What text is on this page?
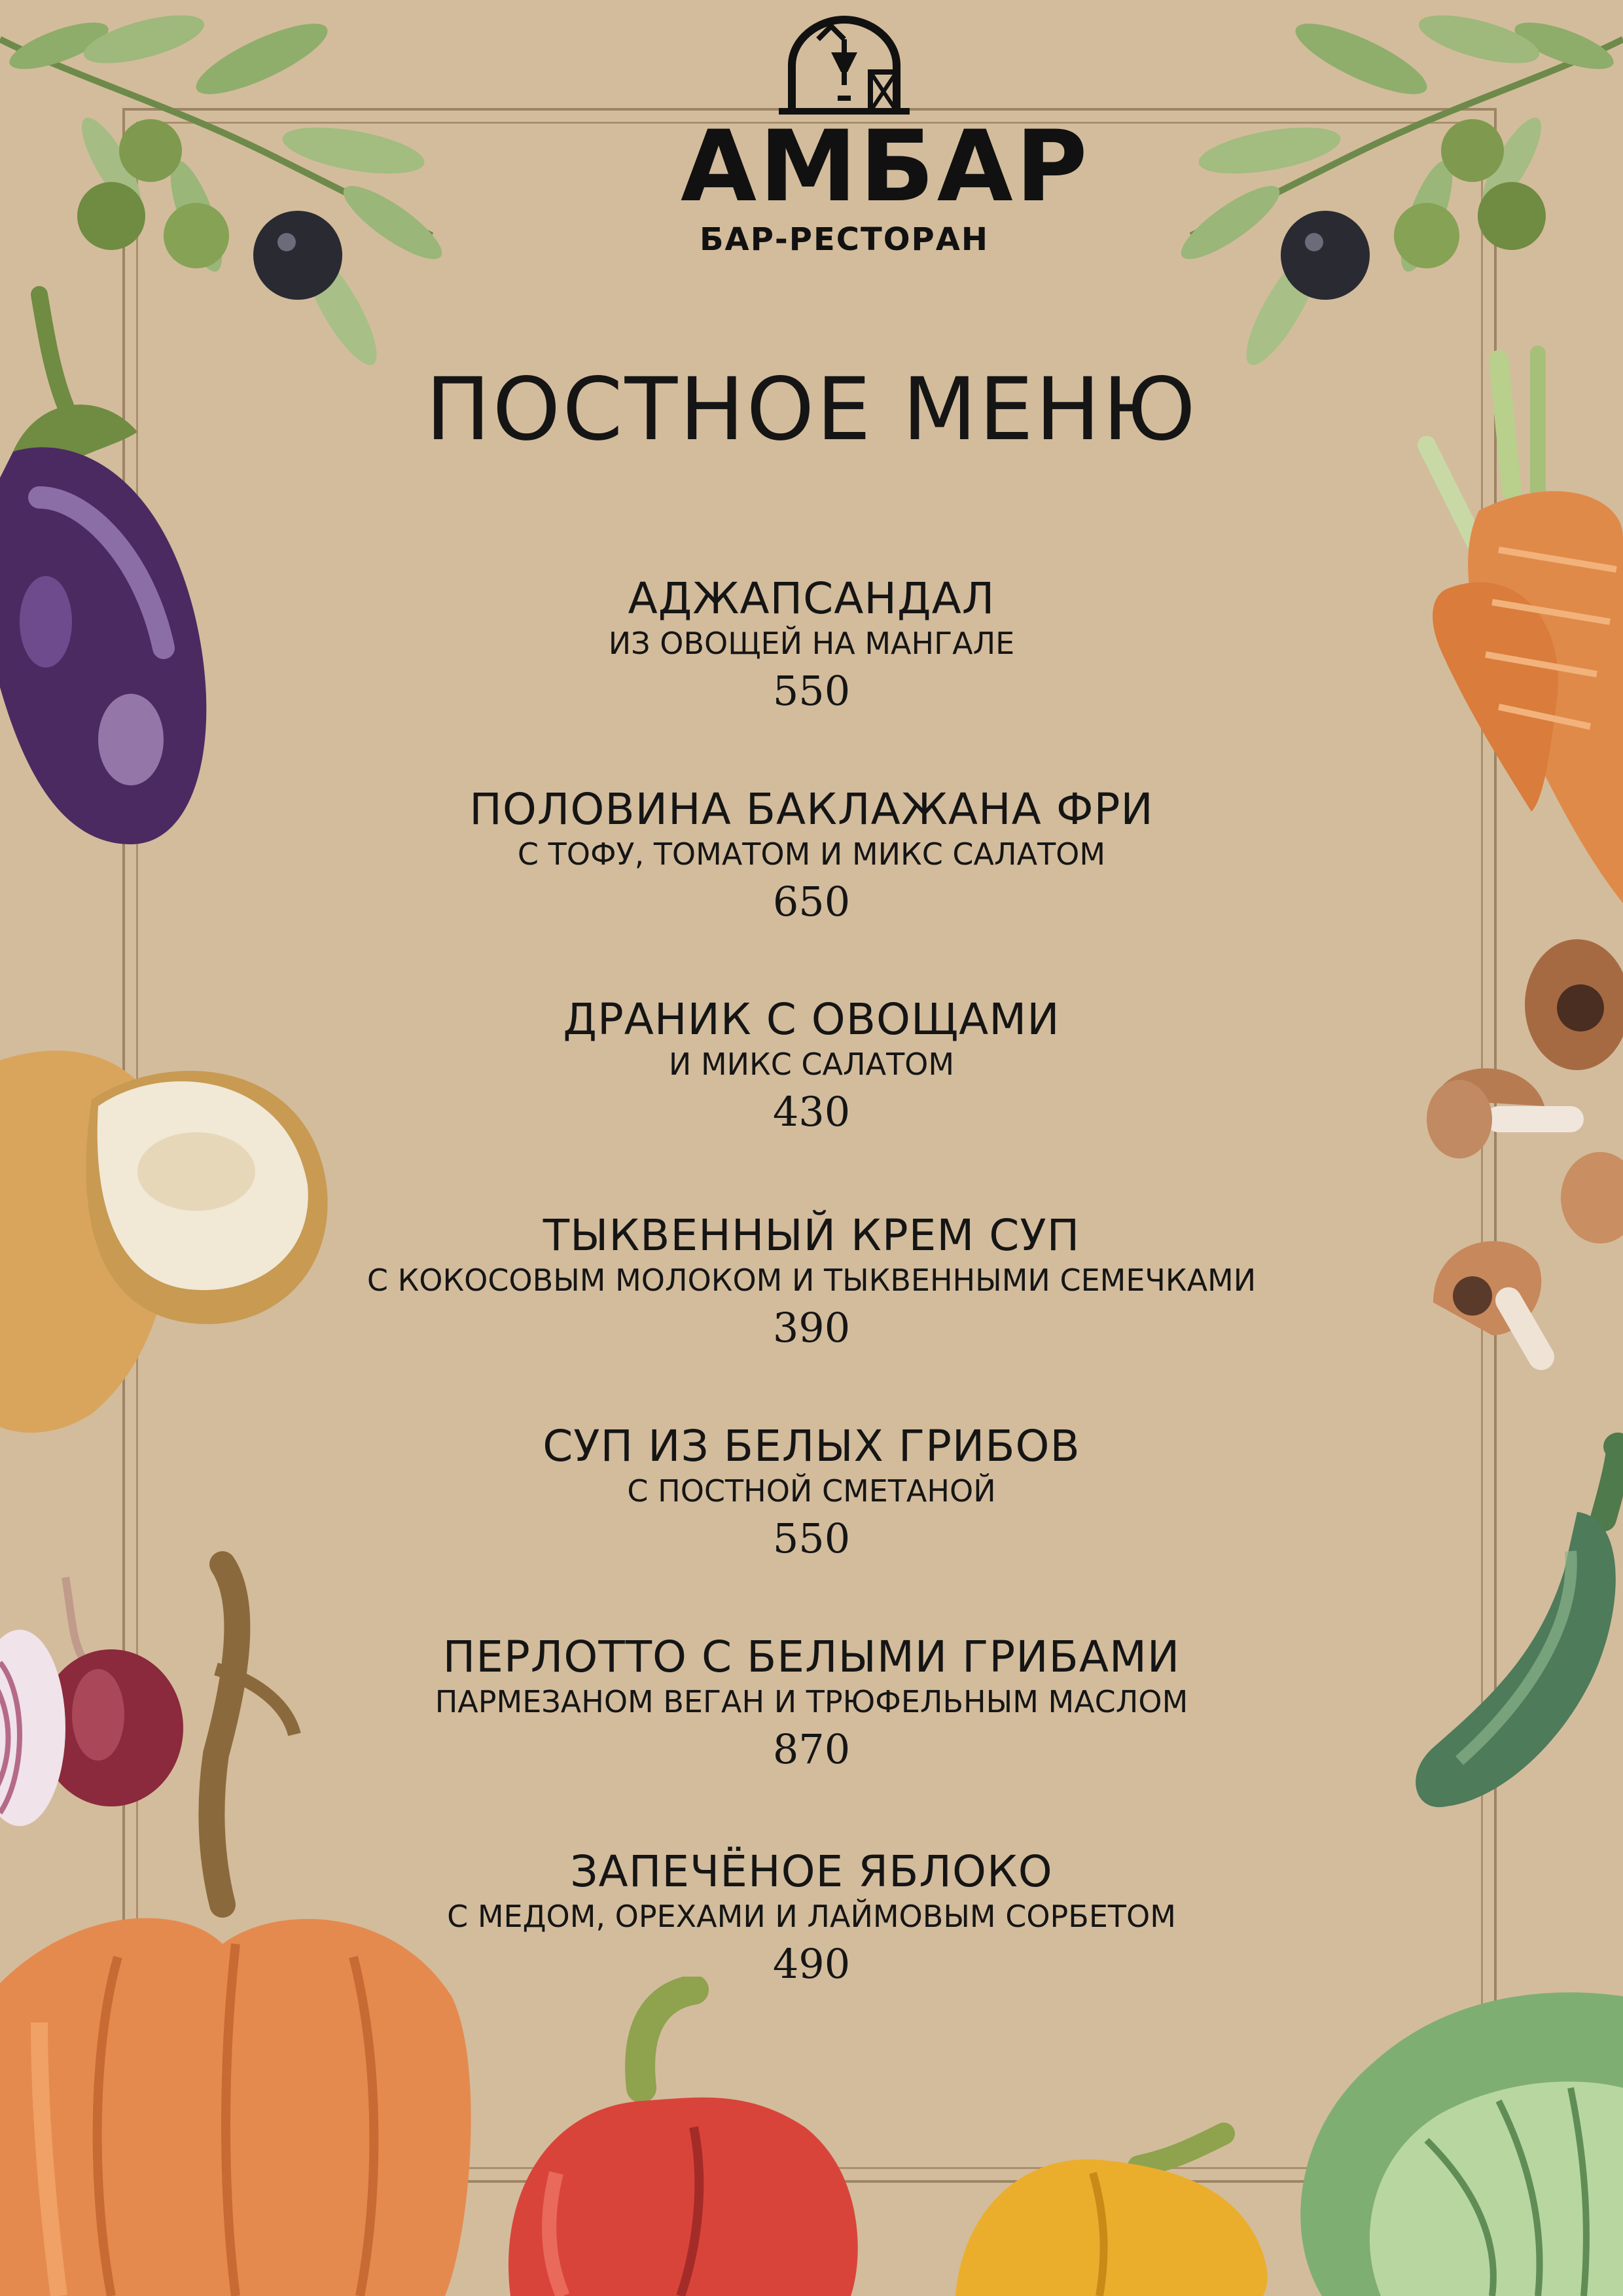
АМБАР
БАР-РЕСТОРАН
ПОСТНОЕ МЕНЮ
АДЖАПСАНДАЛ
ИЗ ОВОЩЕЙ НА МАНГАЛЕ
550
ПОЛОВИНА БАКЛАЖАНА ФРИ
С ТОФУ, ТОМАТОМ И МИКС САЛАТОМ
650
ДРАНИК С ОВОЩАМИ
И МИКС САЛАТОМ
430
ТЫКВЕННЫЙ КРЕМ СУП
С КОКОСОВЫМ МОЛОКОМ И ТЫКВЕННЫМИ СЕМЕЧКАМИ
390
СУП ИЗ БЕЛЫХ ГРИБОВ
С ПОСТНОЙ СМЕТАНОЙ
550
ПЕРЛОТТО С БЕЛЫМИ ГРИБАМИ
ПАРМЕЗАНОМ ВЕГАН И ТРЮФЕЛЬНЫМ МАСЛОМ
870
ЗАПЕЧЁНОЕ ЯБЛОКО
С МЕДОМ, ОРЕХАМИ И ЛАЙМОВЫМ СОРБЕТОМ
490
